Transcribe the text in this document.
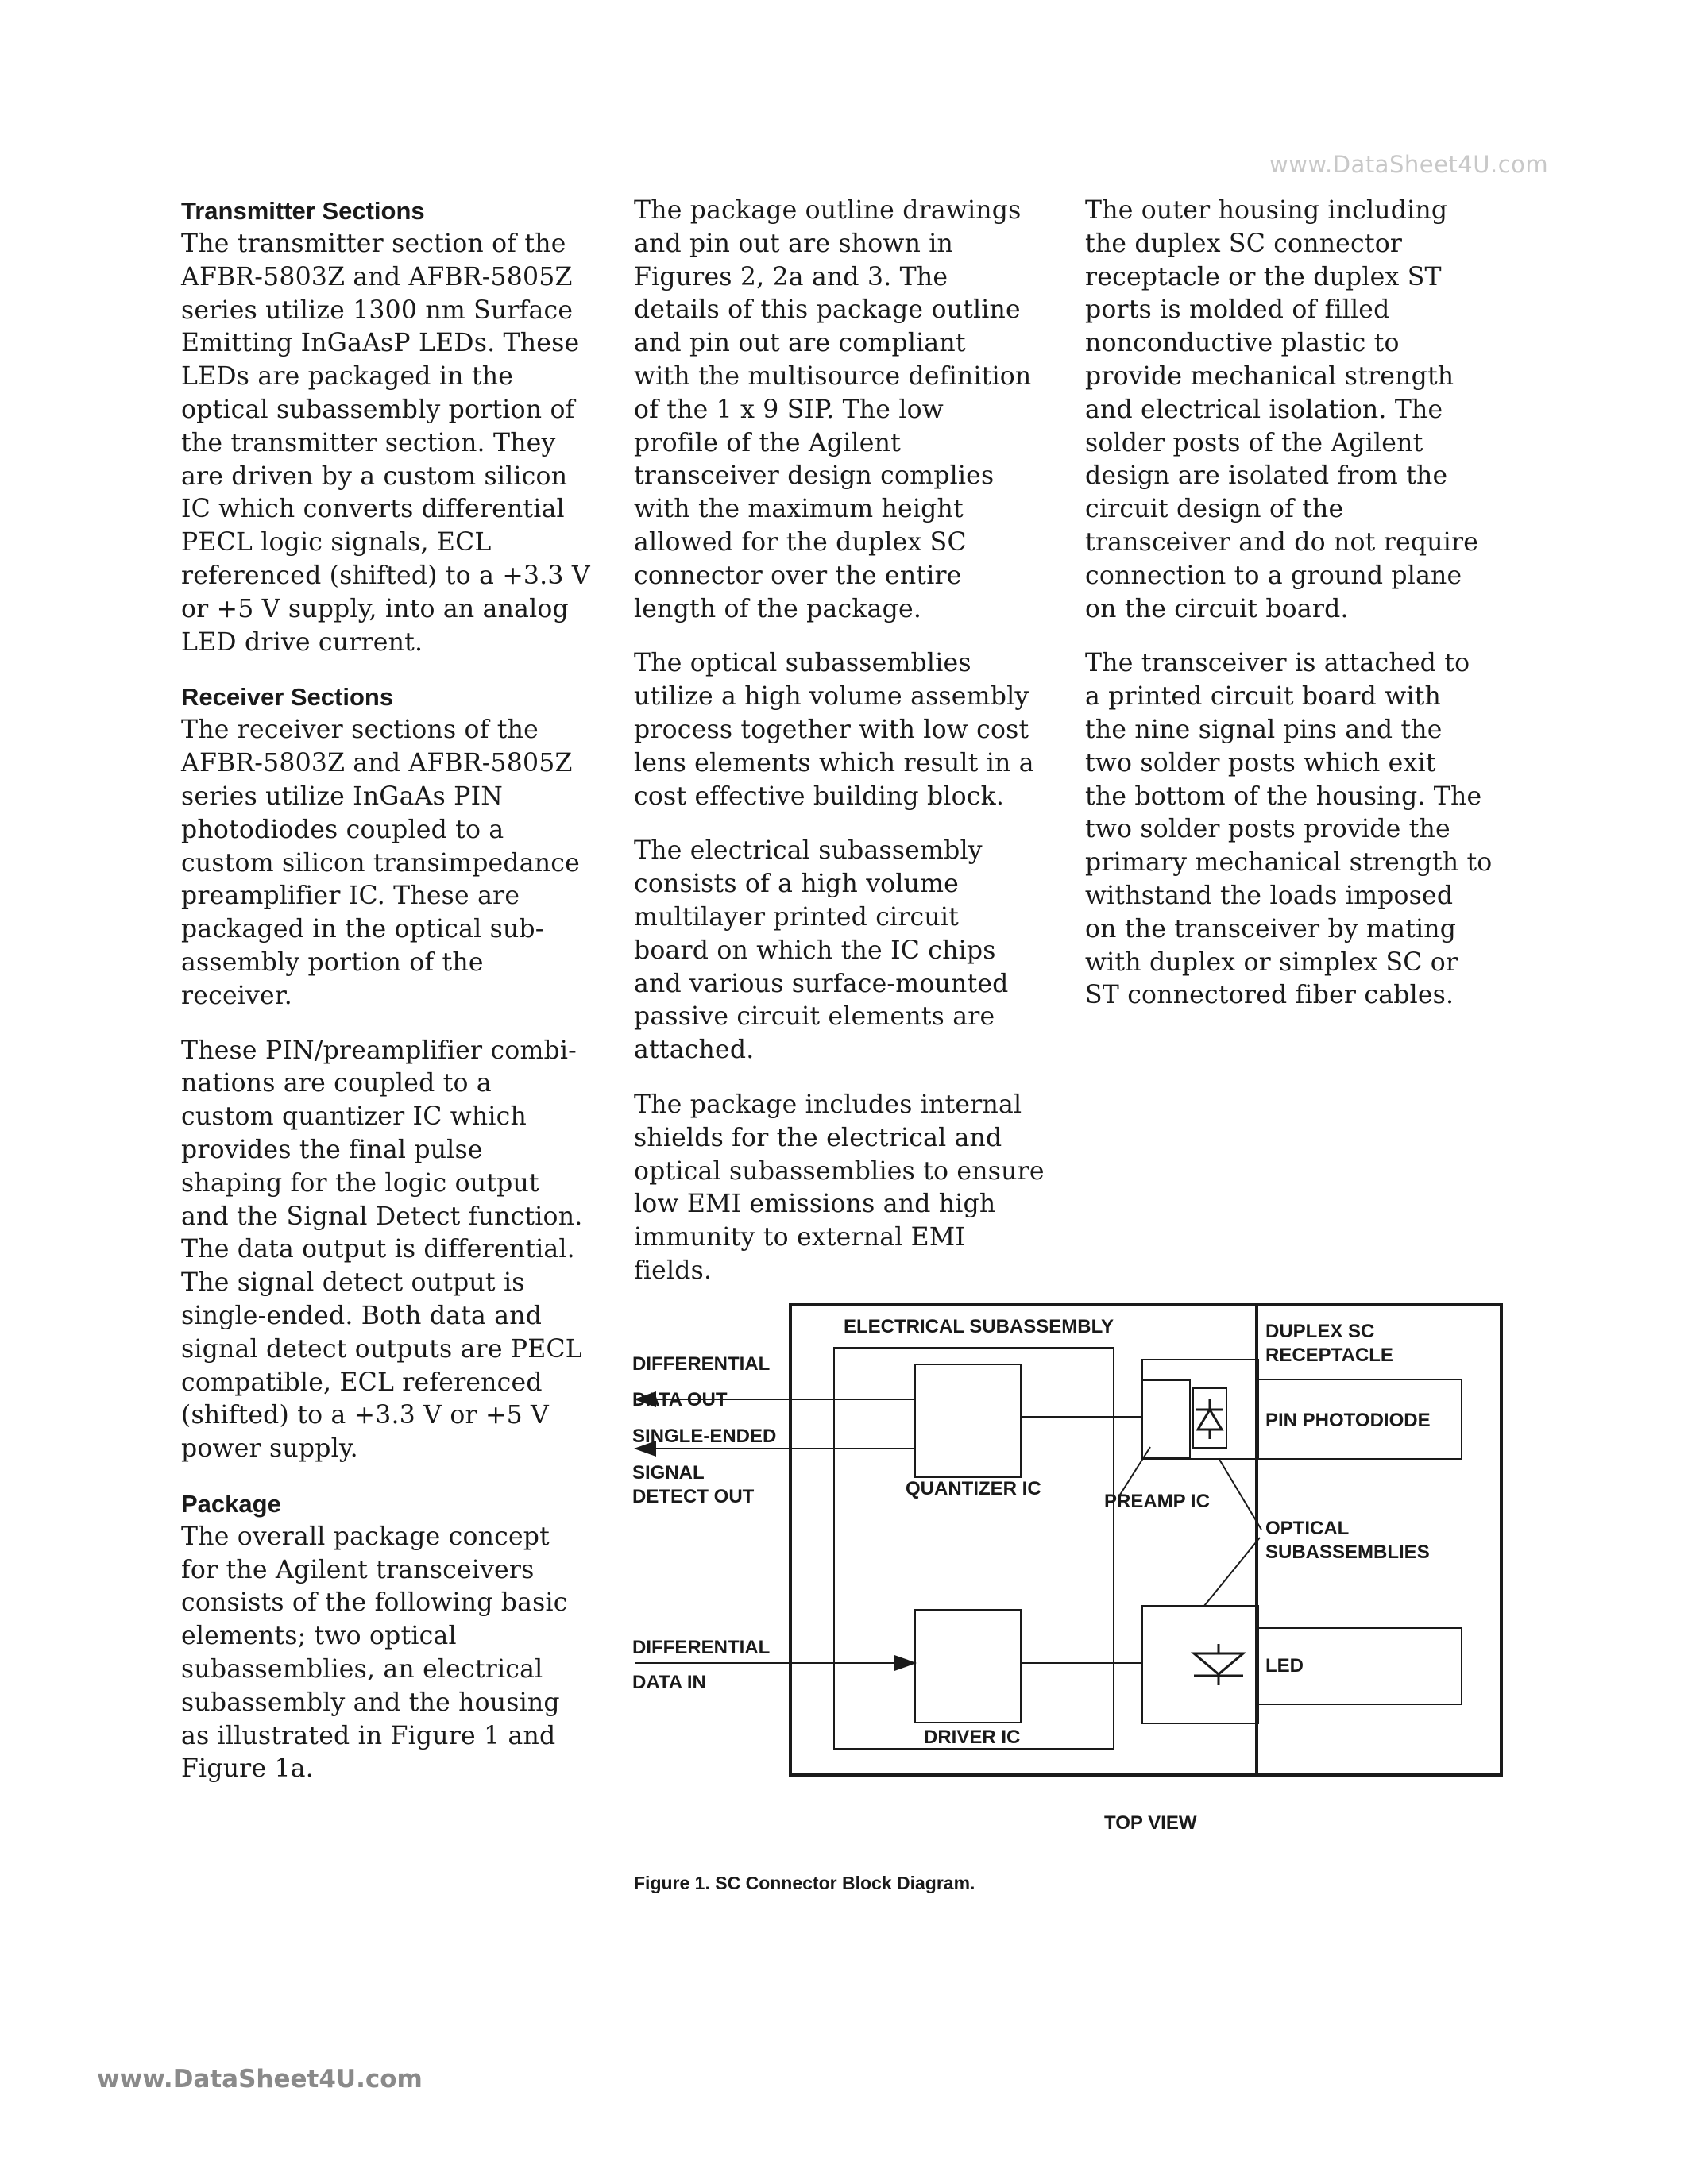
www.DataSheet4U.com
Transmitter Sections

The transmitter section of the
AFBR-5803Z and AFBR-5805Z
series utilize 1300 nm Surface
Emitting InGaAsP LEDs. These
LEDs are packaged in the
optical subassembly portion of
the transmitter section. They
are driven by a custom silicon
IC which converts differential
PECL logic signals, ECL
referenced (shifted) to a +3.3 V
or +5 V supply, into an analog
LED drive current.

Receiver Sections

The receiver sections of the
AFBR-5803Z and AFBR-5805Z
series utilize InGaAs PIN
photodiodes coupled to a
custom silicon transimpedance
preamplifier IC. These are
packaged in the optical sub-
assembly portion of the
receiver.

These PIN/preamplifier combi-
nations are coupled to a
custom quantizer IC which
provides the final pulse
shaping for the logic output
and the Signal Detect function.
The data output is differential.
The signal detect output is
single-ended. Both data and
signal detect outputs are PECL
compatible, ECL referenced
(shifted) to a +3.3 V or +5 V
power supply.

Package

The overall package concept
for the Agilent transceivers
consists of the following basic
elements; two optical
subassemblies, an electrical
subassembly and the housing
as illustrated in Figure 1 and
Figure 1a.

The package outline drawings
and pin out are shown in
Figures 2, 2a and 3. The
details of this package outline
and pin out are compliant
with the multisource definition
of the 1 x 9 SIP. The low
profile of the Agilent
transceiver design complies
with the maximum height
allowed for the duplex SC
connector over the entire
length of the package.

The optical subassemblies
utilize a high volume assembly
process together with low cost
lens elements which result in a
cost effective building block.

The electrical subassembly
consists of a high volume
multilayer printed circuit
board on which the IC chips
and various surface-mounted
passive circuit elements are
attached.

The package includes internal
shields for the electrical and
optical subassemblies to ensure
low EMI emissions and high
immunity to external EMI
fields.

The outer housing including
the duplex SC connector
receptacle or the duplex ST
ports is molded of filled
nonconductive plastic to
provide mechanical strength
and electrical isolation. The
solder posts of the Agilent
design are isolated from the
circuit design of the
transceiver and do not require
connection to a ground plane
on the circuit board.

The transceiver is attached to
a printed circuit board with
the nine signal pins and the
two solder posts which exit
the bottom of the housing. The
two solder posts provide the
primary mechanical strength to
withstand the loads imposed
on the transceiver by mating
with duplex or simplex SC or
ST connectored fiber cables.

ELECTRICAL SUBASSEMBLY	DUPLEX SC
RECEPTACLE
DIFFERENTIAL
DATA OUT
SINGLE-ENDED
SIGNAL
DETECT OUT	QUANTIZER IC
PREAMP IC
PIN PHOTODIODE
OPTICAL
SUBASSEMBLIES
DIFFERENTIAL
DATA IN
LED
DRIVER IC
TOP VIEW
Figure 1. SC Connector Block Diagram.
www.DataSheet4U.com
